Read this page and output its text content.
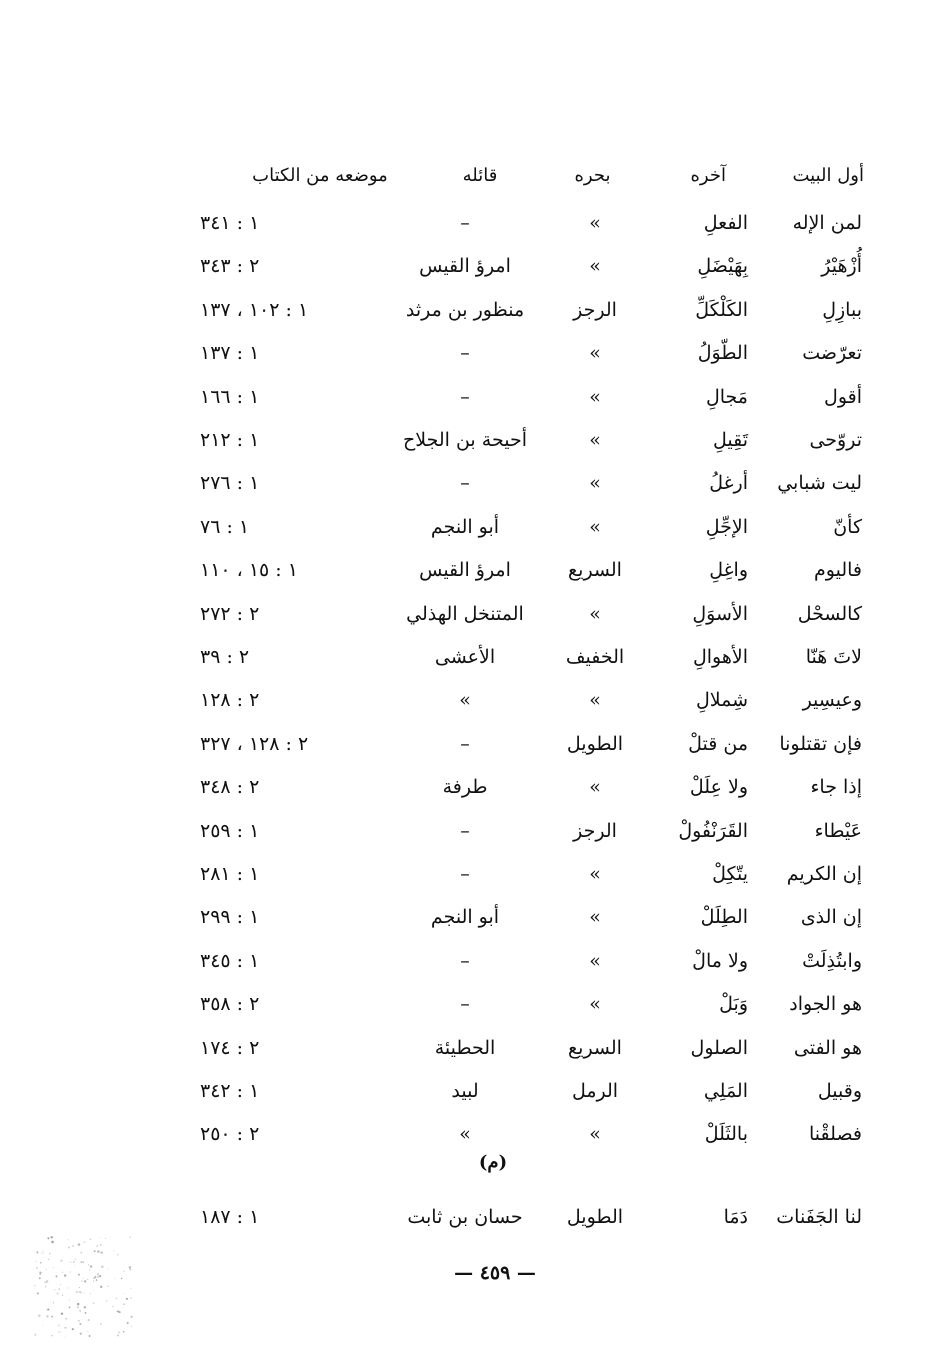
أول البيت
آخره
بحره
قائله
موضعه من الكتاب
لمن الإله
الفعلِ
»
–
١ : ٣٤١
أُزْهَيْرُ
بِهَيْضَلِ
»
امرؤ القيس
٢ : ٣٤٣
ببازِلِ
الكَلْكَلِّ
الرجز
منظور بن مرثد
١ : ١٠٢ ، ١٣٧
تعرّضت
الطّوَلُ
»
–
١ : ١٣٧
أقول
مَجالِ
»
–
١ : ١٦٦
تروّحى
تَقِيلِ
»
أحيحة بن الجلاح
١ : ٢١٢
ليت شبابي
أرغلُ
»
–
١ : ٢٧٦
كأنّ
الإجِّلِ
»
أبو النجم
١ : ٧٦
فاليوم
واغِلِ
السريع
امرؤ القيس
١ : ١٥ ، ١١٠
كالسحْل
الأسوَلِ
»
المتنخل الهذلي
٢ : ٢٧٢
لاتَ هَنّا
الأهوالِ
الخفيف
الأعشى
٢ : ٣٩
وعيسِير
شِملالِ
»
»
٢ : ١٢٨
فإن تقتلونا
من قتلْ
الطويل
–
٢ : ١٢٨ ، ٣٢٧
إذا جاء
ولا عِلَلْ
»
طرفة
٢ : ٣٤٨
عَيْطاء
القَرَنْفُولْ
الرجز
–
١ : ٢٥٩
إن الكريم
يتّكِلْ
»
–
١ : ٢٨١
إن الذى
الطِلَلْ
»
أبو النجم
١ : ٢٩٩
وابتُذِلَتْ
ولا مالْ
»
–
١ : ٣٤٥
هو الجواد
وَبَلْ
»
–
٢ : ٣٥٨
هو الفتى
الصلول
السريع
الحطيئة
٢ : ١٧٤
وقبيل
المَلِي
الرمل
لبيد
١ : ٣٤٢
فصلقْنا
بالثَلَلْ
»
»
٢ : ٢٥٠
(م)
لنا الجَفَنات
دَمَا
الطويل
حسان بن ثابت
١ : ١٨٧
— ٤٥٩ —
